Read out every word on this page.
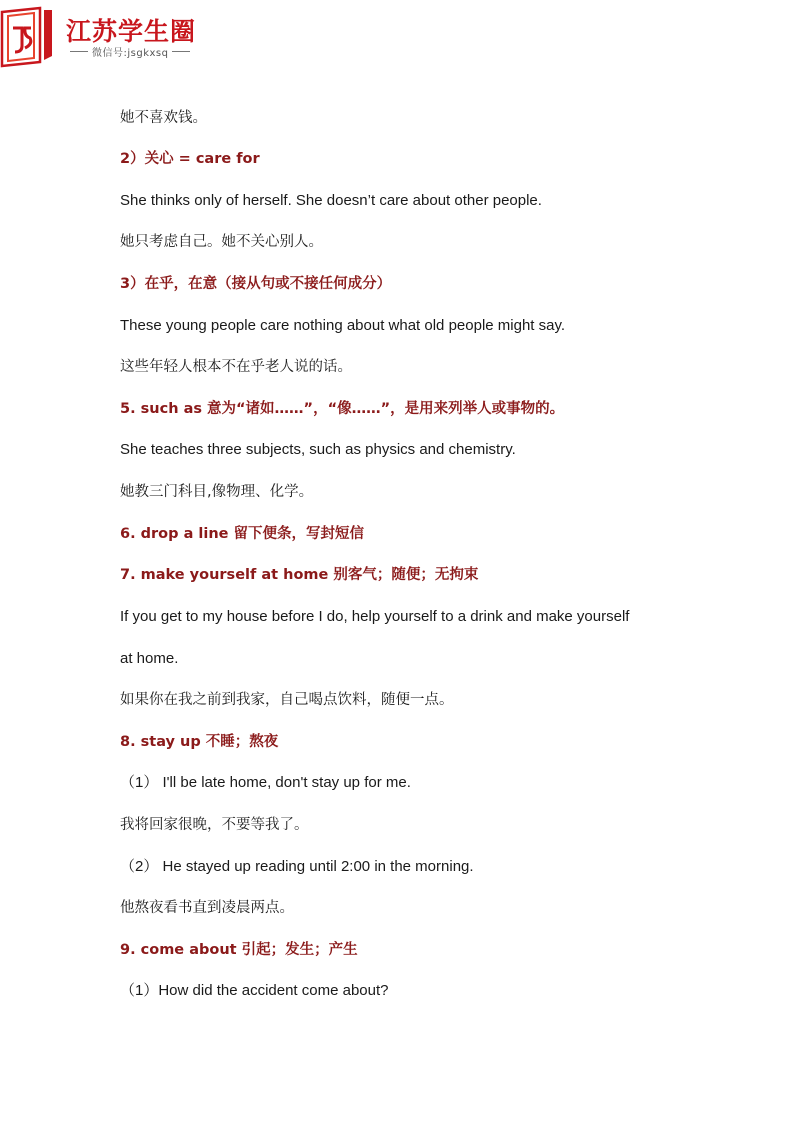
江苏学生圈
微信号:jsgkxsq
她不喜欢钱。
2）关心 = care for
She thinks only of herself. She doesn’t care about other people.
她只考虑自己。她不关心别人。
3）在乎，在意（接从句或不接任何成分）
These young people care nothing about what old people might say.
这些年轻人根本不在乎老人说的话。
5. such as 意为“诸如……”，“像……”，是用来列举人或事物的。
She teaches three subjects, such as physics and chemistry.
她教三门科目,像物理、化学。
6. drop a line 留下便条，写封短信
7. make yourself at home 别客气；随便；无拘束
If you get to my house before I do, help yourself to a drink and make yourself
at home.
如果你在我之前到我家，自己喝点饮料，随便一点。
8. stay up 不睡；熬夜
（1） I'll be late home, don't stay up for me.
我将回家很晚，不要等我了。
（2） He stayed up reading until 2:00 in the morning.
他熬夜看书直到凌晨两点。
9. come about 引起；发生；产生
（1）How did the accident come about?
